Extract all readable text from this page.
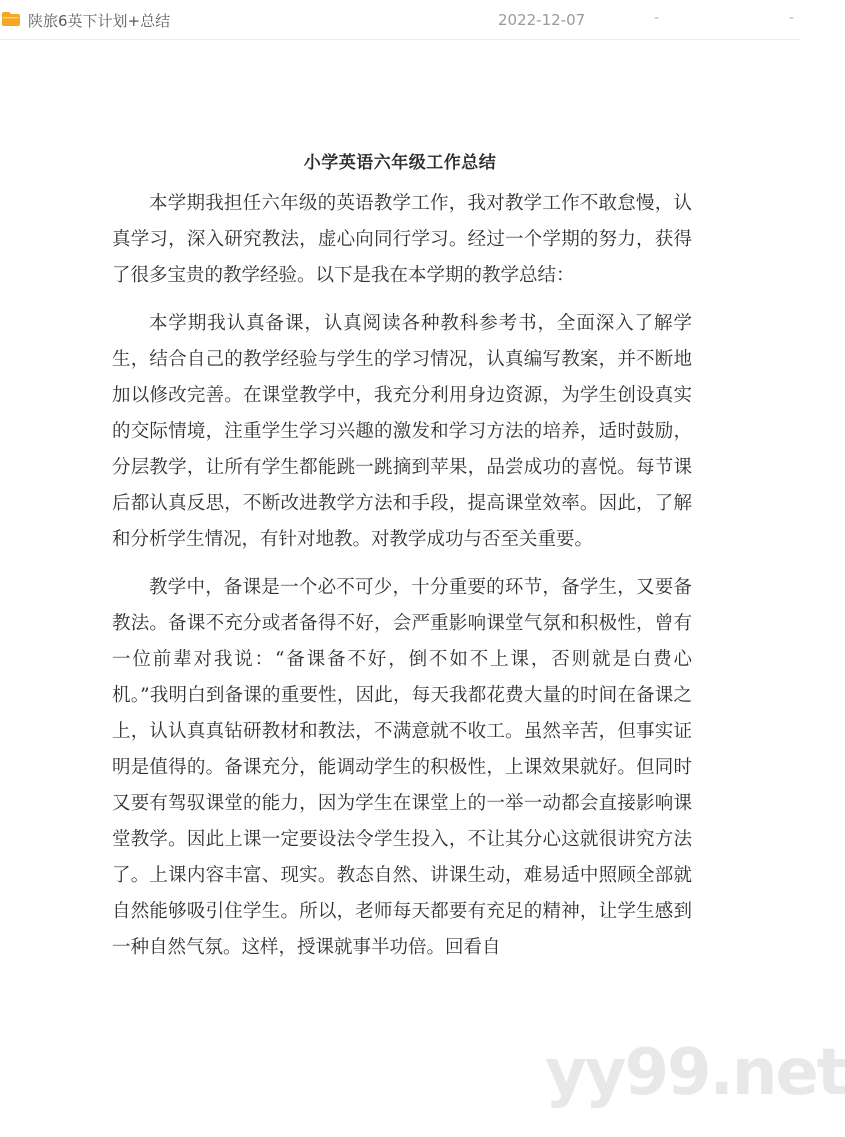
陕旅6英下计划+总结	2022-12-07	-	-
小学英语六年级工作总结

本学期我担任六年级的英语教学工作，我对教学工作不敢怠慢，认真学习，深入研究教法，虚心向同行学习。经过一个学期的努力，获得了很多宝贵的教学经验。以下是我在本学期的教学总结：

本学期我认真备课，认真阅读各种教科参考书，全面深入了解学生，结合自己的教学经验与学生的学习情况，认真编写教案，并不断地加以修改完善。在课堂教学中，我充分利用身边资源，为学生创设真实的交际情境，注重学生学习兴趣的激发和学习方法的培养，适时鼓励，分层教学，让所有学生都能跳一跳摘到苹果，品尝成功的喜悦。每节课后都认真反思，不断改进教学方法和手段，提高课堂效率。因此，了解和分析学生情况，有针对地教。对教学成功与否至关重要。

教学中，备课是一个必不可少，十分重要的环节，备学生，又要备教法。备课不充分或者备得不好，会严重影响课堂气氛和积极性，曾有一位前辈对我说：“备课备不好，倒不如不上课，否则就是白费心机。”我明白到备课的重要性，因此，每天我都花费大量的时间在备课之上，认认真真钻研教材和教法，不满意就不收工。虽然辛苦，但事实证明是值得的。备课充分，能调动学生的积极性，上课效果就好。但同时又要有驾驭课堂的能力，因为学生在课堂上的一举一动都会直接影响课堂教学。因此上课一定要设法令学生投入，不让其分心这就很讲究方法了。上课内容丰富、现实。教态自然、讲课生动，难易适中照顾全部就自然能够吸引住学生。所以，老师每天都要有充足的精神，让学生感到一种自然气氛。这样，授课就事半功倍。回看自

yy99.net
